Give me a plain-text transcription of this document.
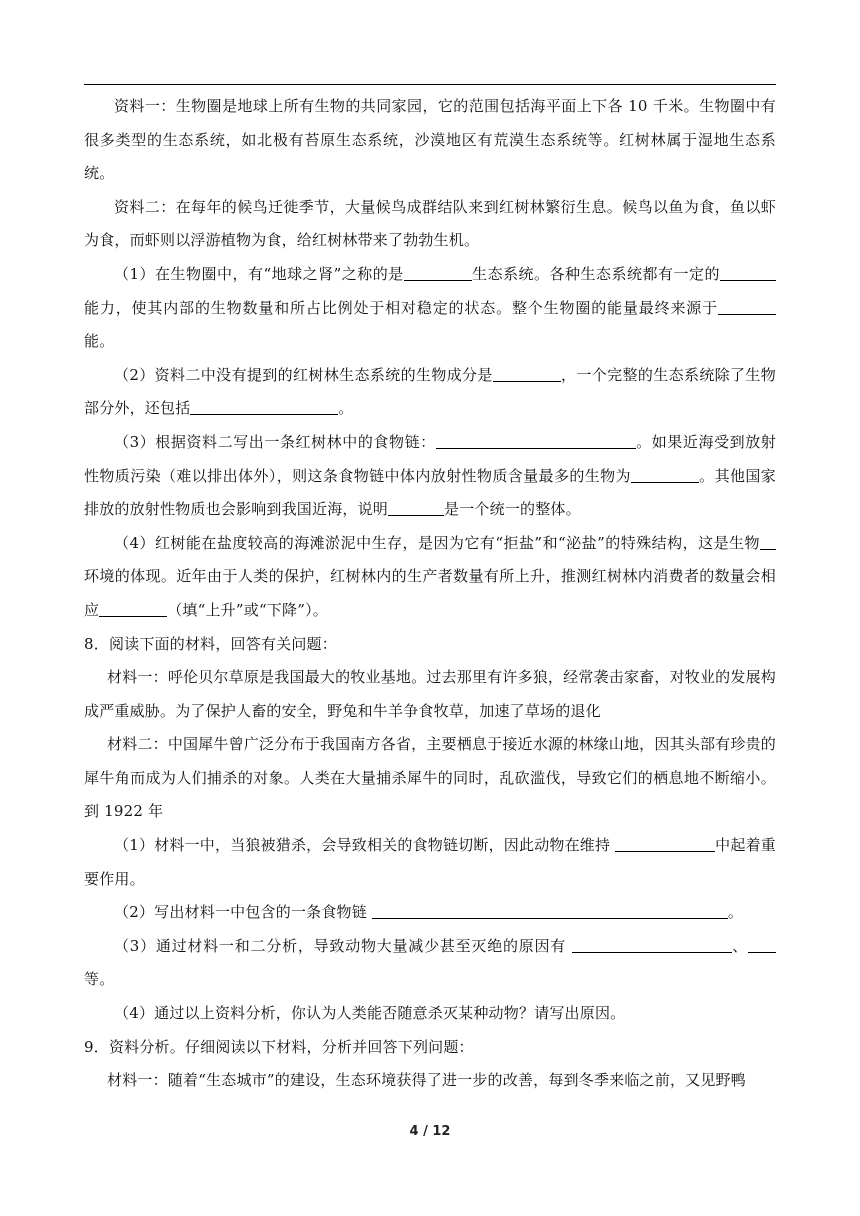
资料一：生物圈是地球上所有生物的共同家园，它的范围包括海平面上下各 10 千米。生物圈中有很多类型的生态系统，如北极有苔原生态系统，沙漠地区有荒漠生态系统等。红树林属于湿地生态系统。

资料二：在每年的候鸟迁徙季节，大量候鸟成群结队来到红树林繁衍生息。候鸟以鱼为食，鱼以虾为食，而虾则以浮游植物为食，给红树林带来了勃勃生机。

（1）在生物圈中，有“地球之肾”之称的是	生态系统。各种生态系统都有一定的能力，使其内部的生物数量和所占比例处于相对稳定的状态。整个生物圈的能量最终来源于能。

（2）资料二中没有提到的红树林生态系统的生物成分是	，一个完整的生态系统除了生物部分外，还包括	。

（3）根据资料二写出一条红树林中的食物链：	。如果近海受到放射性物质污染（难以排出体外），则这条食物链中体内放射性物质含量最多的生物为	。其他国家排放的放射性物质也会影响到我国近海，说明	是一个统一的整体。

（4）红树能在盐度较高的海滩淤泥中生存，是因为它有“拒盐”和“泌盐”的特殊结构，这是生物环境的体现。近年由于人类的保护，红树林内的生产者数量有所上升，推测红树林内消费者的数量会相应	（填“上升”或“下降”）。

8．阅读下面的材料，回答有关问题：

材料一：呼伦贝尔草原是我国最大的牧业基地。过去那里有许多狼，经常袭击家畜，对牧业的发展构成严重威胁。为了保护人畜的安全，野兔和牛羊争食牧草，加速了草场的退化

材料二：中国犀牛曾广泛分布于我国南方各省，主要栖息于接近水源的林缘山地，因其头部有珍贵的犀牛角而成为人们捕杀的对象。人类在大量捕杀犀牛的同时，乱砍滥伐，导致它们的栖息地不断缩小。到 1922 年

（1）材料一中，当狼被猎杀，会导致相关的食物链切断，因此动物在维持	中起着重要作用。

（2）写出材料一中包含的一条食物链	。

（3）通过材料一和二分析，导致动物大量减少甚至灭绝的原因有	、等。

（4）通过以上资料分析，你认为人类能否随意杀灭某种动物？请写出原因。

9．资料分析。仔细阅读以下材料，分析并回答下列问题：

材料一：随着“生态城市”的建设，生态环境获得了进一步的改善，每到冬季来临之前，又见野鸭

4 / 12
